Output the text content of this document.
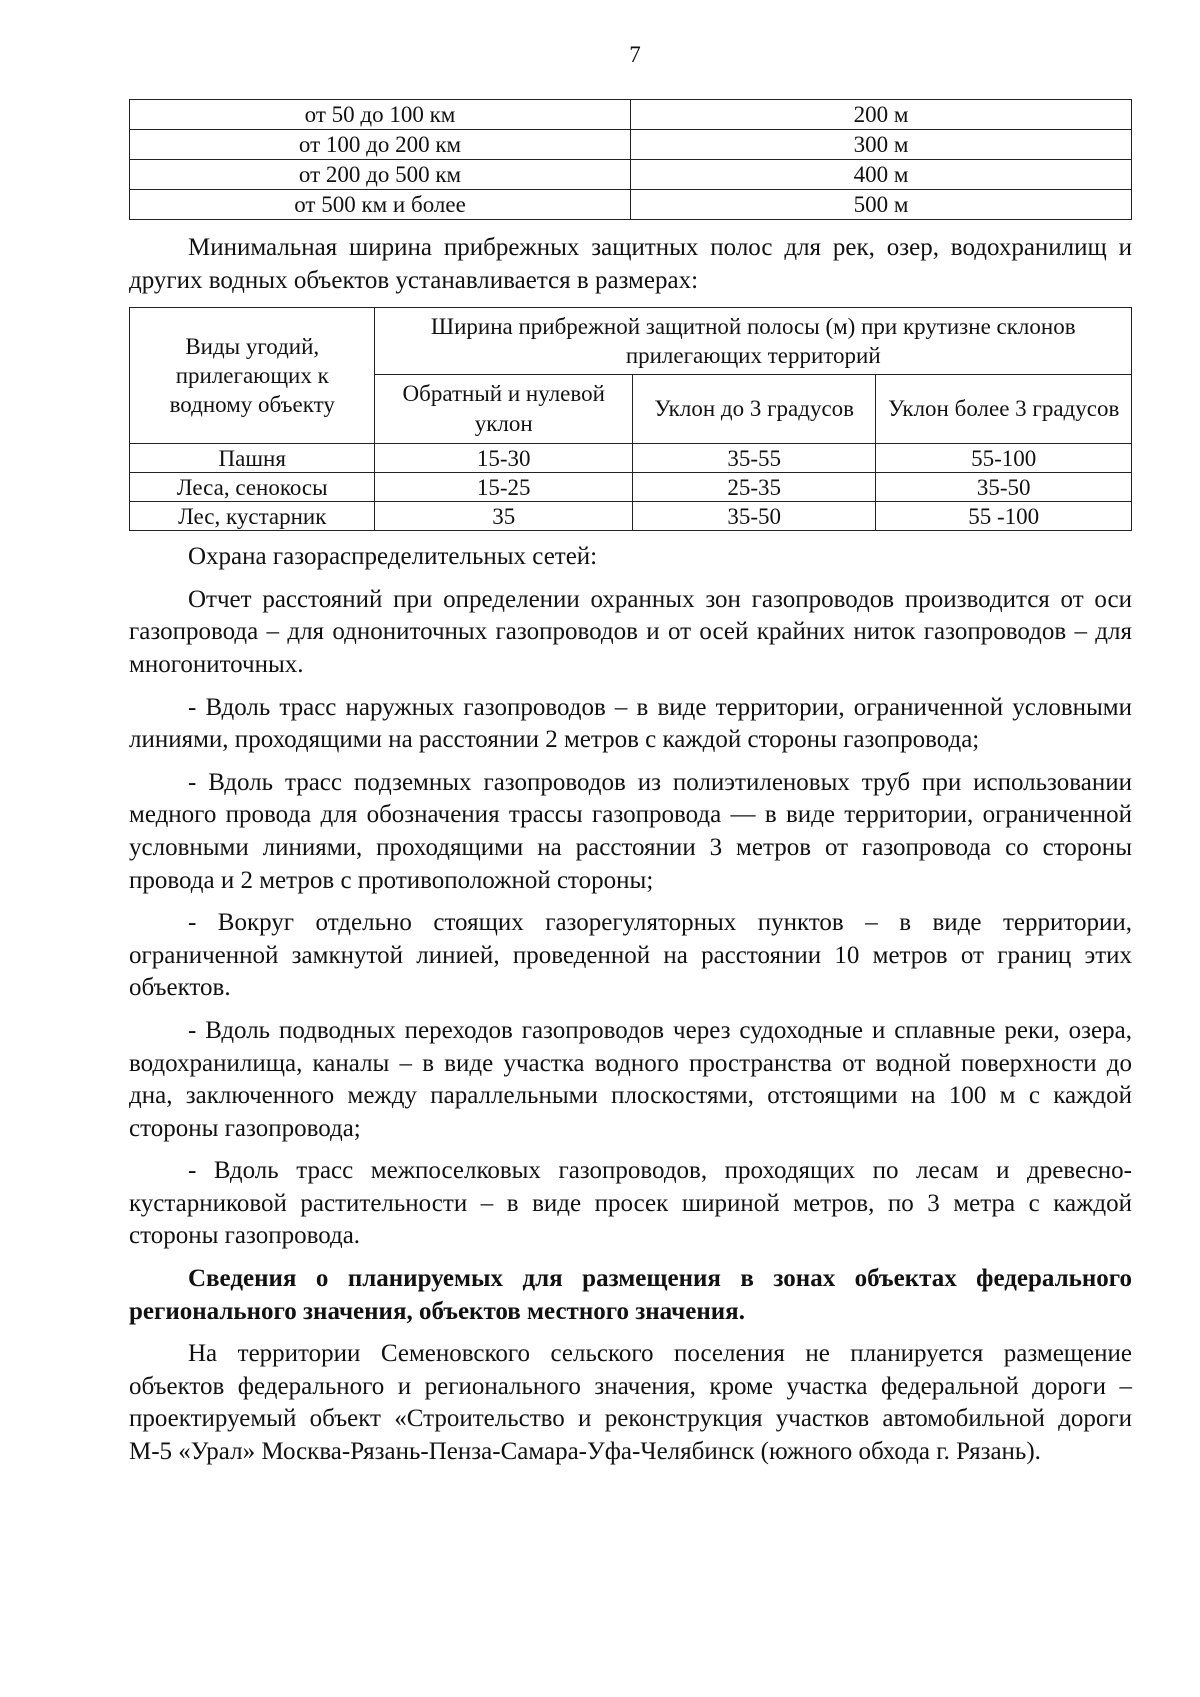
7
от 50 до 100 км	200 м
от 100 до 200 км	300 м
от 200 до 500 км	400 м
от 500 км и более	500 м

Минимальная ширина прибрежных защитных полос для рек, озер, водохранилищ и других водных объектов устанавливается в размерах:

Виды угодий, прилегающих к водному объекту	Ширина прибрежной защитной полосы (м) при крутизне склонов прилегающих территорий		
	Обратный и нулевой уклон	Уклон до 3 градусов	Уклон более 3 градусов
Пашня	15-30	35-55	55-100
Леса, сенокосы	15-25	25-35	35-50
Лес, кустарник	35	35-50	55 -100

Охрана газораспределительных сетей:

Отчет расстояний при определении охранных зон газопроводов производится от оси газопровода – для однониточных газопроводов и от осей крайних ниток газопроводов – для многониточных.

- Вдоль трасс наружных газопроводов – в виде территории, ограниченной условными линиями, проходящими на расстоянии 2 метров с каждой стороны газопровода;

- Вдоль трасс подземных газопроводов из полиэтиленовых труб при использовании медного провода для обозначения трассы газопровода — в виде территории, ограниченной условными линиями, проходящими на расстоянии 3 метров от газопровода со стороны провода и 2 метров с противоположной стороны;

- Вокруг отдельно стоящих газорегуляторных пунктов – в виде территории, ограниченной замкнутой линией, проведенной на расстоянии 10 метров от границ этих объектов.

- Вдоль подводных переходов газопроводов через судоходные и сплавные реки, озера, водохранилища, каналы – в виде участка водного пространства от водной поверхности до дна, заключенного между параллельными плоскостями, отстоящими на 100 м с каждой стороны газопровода;

- Вдоль трасс межпоселковых газопроводов, проходящих по лесам и древесно-кустарниковой растительности – в виде просек шириной метров, по 3 метра с каждой стороны газопровода.

Сведения о планируемых для размещения в зонах объектах федерального регионального значения, объектов местного значения.

На территории Семеновского сельского поселения не планируется размещение объектов федерального и регионального значения, кроме участка федеральной дороги – проектируемый объект «Строительство и реконструкция участков автомобильной дороги М-5 «Урал» Москва-Рязань-Пенза-Самара-Уфа-Челябинск (южного обхода г. Рязань).
